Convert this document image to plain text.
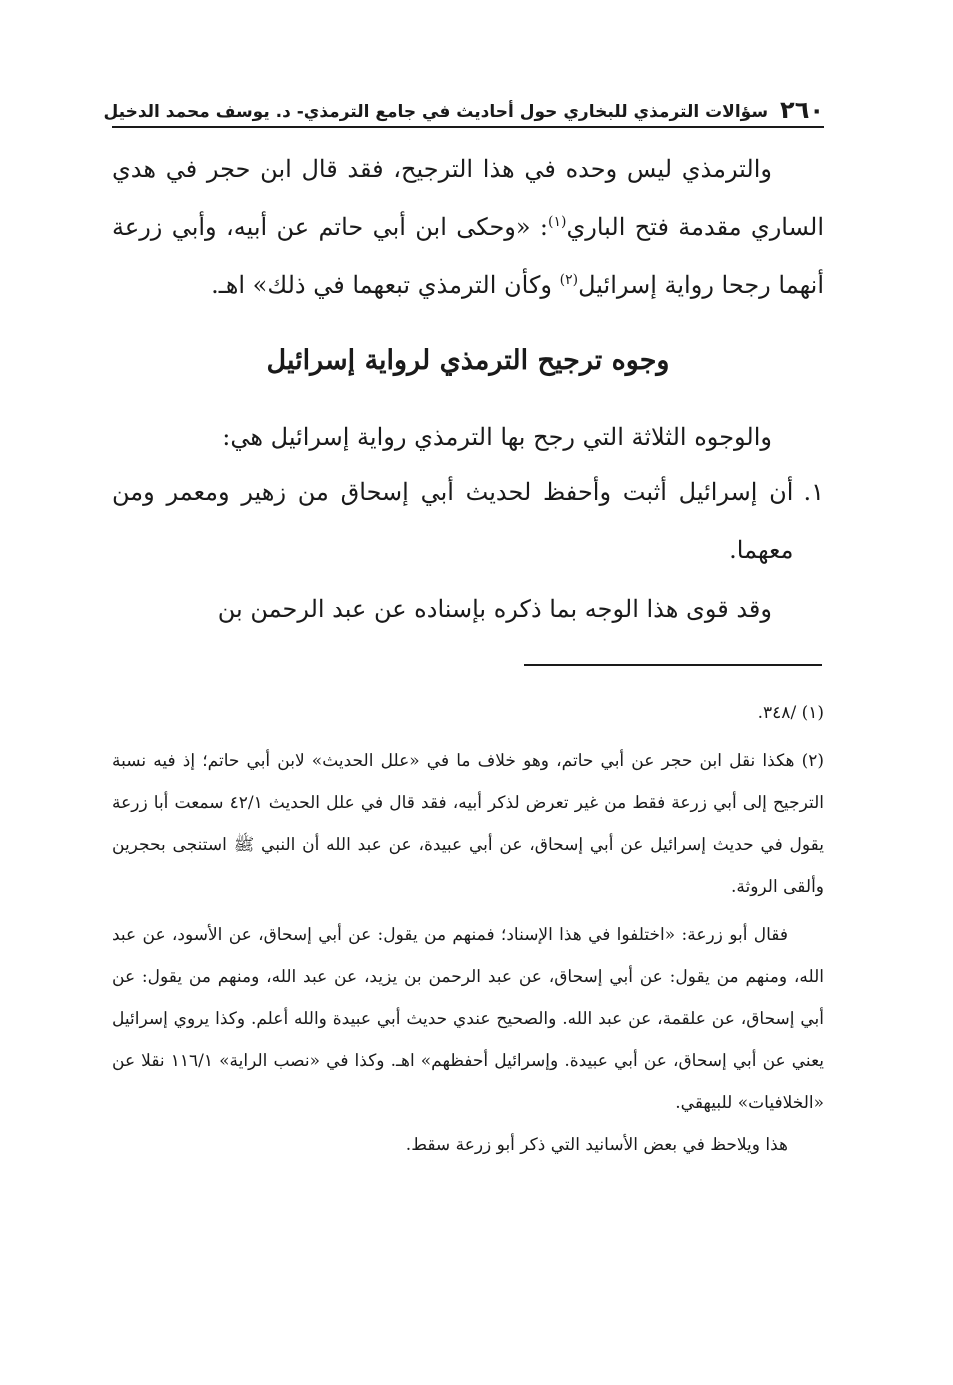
٢٦٠
سؤالات الترمذي للبخاري حول أحاديث في جامع الترمذي- د. يوسف محمد الدخيل

والترمذي ليس وحده في هذا الترجيح، فقد قال ابن حجر في هدي الساري مقدمة فتح الباري$^{(١)}$: «وحكى ابن أبي حاتم عن أبيه، وأبي زرعة أنهما رجحا رواية إسرائيل$^{(٢)}$ وكأن الترمذي تبعهما في ذلك» اهـ.

وجوه ترجيح الترمذي لرواية إسرائيل

والوجوه الثلاثة التي رجح بها الترمذي رواية إسرائيل هي:

١.
أن إسرائيل أثبت وأحفظ لحديث أبي إسحاق من زهير ومعمر ومن معهما.

وقد قوى هذا الوجه بما ذكره بإسناده عن عبد الرحمن بن

(١) /٣٤٨.

(٢) هكذا نقل ابن حجر عن أبي حاتم، وهو خلاف ما في «علل الحديث» لابن أبي حاتم؛ إذ فيه نسبة الترجيح إلى أبي زرعة فقط من غير تعرض لذكر أبيه، فقد قال في علل الحديث ٤٢/١ سمعت أبا زرعة يقول في حديث إسرائيل عن أبي إسحاق، عن أبي عبيدة، عن عبد الله أن النبي ﷺ استنجى بحجرين وألقى الروثة.

فقال أبو زرعة: «اختلفوا في هذا الإسناد؛ فمنهم من يقول: عن أبي إسحاق، عن الأسود، عن عبد الله، ومنهم من يقول: عن أبي إسحاق، عن عبد الرحمن بن يزيد، عن عبد الله، ومنهم من يقول: عن أبي إسحاق، عن علقمة، عن عبد الله. والصحيح عندي حديث أبي عبيدة والله أعلم. وكذا يروي إسرائيل يعني عن أبي إسحاق، عن أبي عبيدة. وإسرائيل أحفظهم» اهـ. وكذا في «نصب الراية» ١١٦/١ نقلا عن «الخلافيات» للبيهقي.

هذا ويلاحظ في بعض الأسانيد التي ذكر أبو زرعة سقط.
